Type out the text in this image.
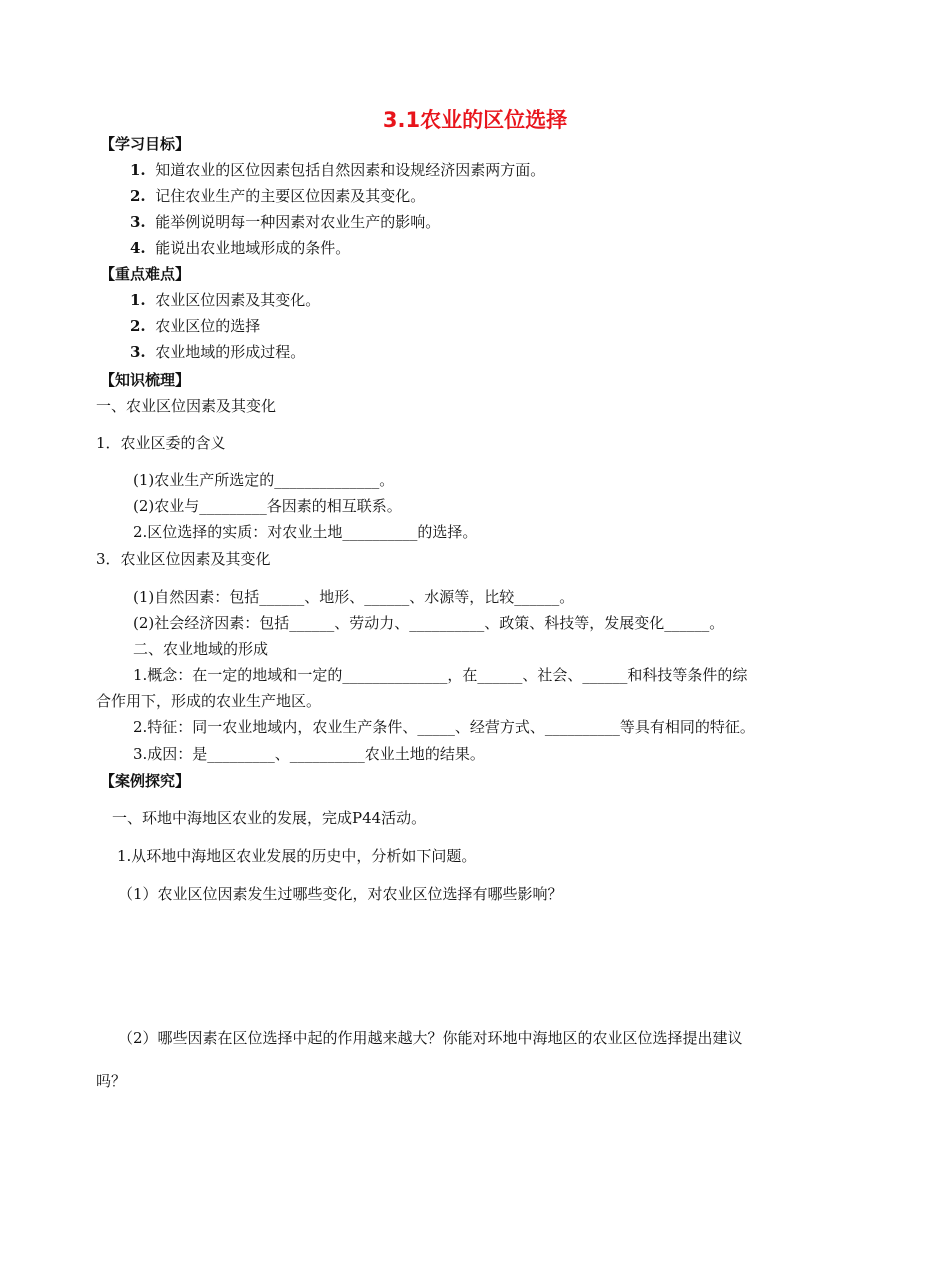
3.1农业的区位选择
【学习目标】
1. 知道农业的区位因素包括自然因素和设规经济因素两方面。
2. 记住农业生产的主要区位因素及其变化。
3. 能举例说明每一种因素对农业生产的影响。
4. 能说出农业地域形成的条件。
【重点难点】
1. 农业区位因素及其变化。
2. 农业区位的选择
3. 农业地域的形成过程。
【知识梳理】
一、农业区位因素及其变化
1．农业区委的含义
(1)农业生产所选定的______________。
(2)农业与_________各因素的相互联系。
2.区位选择的实质：对农业土地__________的选择。
3．农业区位因素及其变化
(1)自然因素：包括______、地形、______、水源等，比较______。
(2)社会经济因素：包括______、劳动力、__________、政策、科技等，发展变化______。
二、农业地域的形成
1.概念：在一定的地域和一定的______________，在______、社会、______和科技等条件的综
合作用下，形成的农业生产地区。
2.特征：同一农业地域内，农业生产条件、_____、经营方式、__________等具有相同的特征。
3.成因：是_________、__________农业土地的结果。
【案例探究】
一、环地中海地区农业的发展，完成P44活动。
1.从环地中海地区农业发展的历史中，分析如下问题。
（1）农业区位因素发生过哪些变化，对农业区位选择有哪些影响？
（2）哪些因素在区位选择中起的作用越来越大？你能对环地中海地区的农业区位选择提出建议
吗？
